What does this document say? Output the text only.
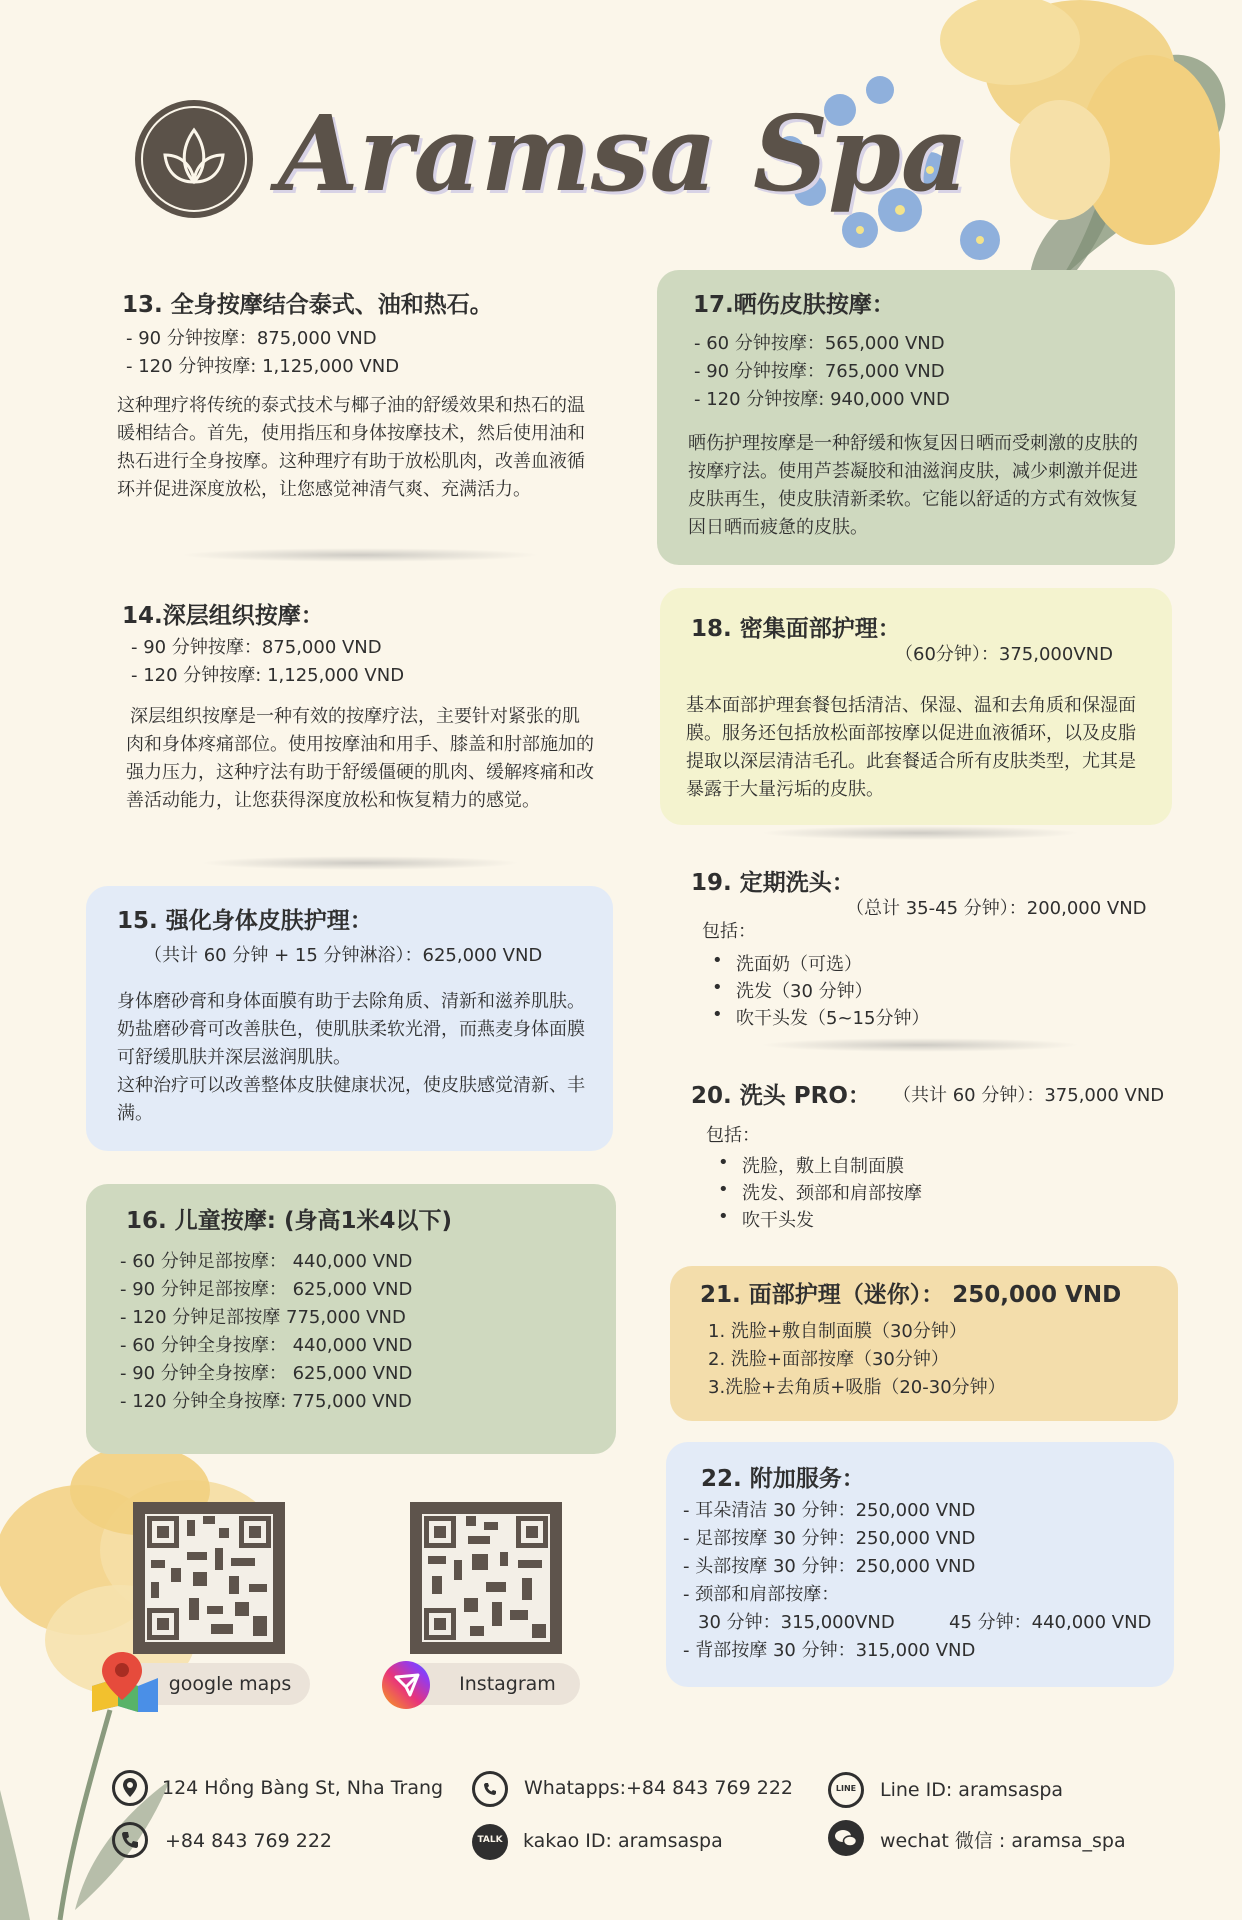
Aramsa Spa
13. 全身按摩结合泰式、油和热石。
- 90 分钟按摩：875,000 VND
- 120 分钟按摩: 1,125,000 VND
这种理疗将传统的泰式技术与椰子油的舒缓效果和热石的温暖相结合。首先，使用指压和身体按摩技术，然后使用油和热石进行全身按摩。这种理疗有助于放松肌肉，改善血液循环并促进深度放松，让您感觉神清气爽、充满活力。
14.深层组织按摩：
- 90 分钟按摩：875,000 VND
- 120 分钟按摩: 1,125,000 VND
深层组织按摩是一种有效的按摩疗法，主要针对紧张的肌肉和身体疼痛部位。使用按摩油和用手、膝盖和肘部施加的强力压力，这种疗法有助于舒缓僵硬的肌肉、缓解疼痛和改善活动能力，让您获得深度放松和恢复精力的感觉。
15. 强化身体皮肤护理：
（共计 60 分钟 + 15 分钟淋浴）：625,000 VND
身体磨砂膏和身体面膜有助于去除角质、清新和滋养肌肤。奶盐磨砂膏可改善肤色，使肌肤柔软光滑，而燕麦身体面膜可舒缓肌肤并深层滋润肌肤。
这种治疗可以改善整体皮肤健康状况，使皮肤感觉清新、丰满。
16. 儿童按摩: (身高1米4以下)
- 60 分钟足部按摩： 440,000 VND
- 90 分钟足部按摩： 625,000 VND
- 120 分钟足部按摩 775,000 VND
- 60 分钟全身按摩： 440,000 VND
- 90 分钟全身按摩： 625,000 VND
- 120 分钟全身按摩: 775,000 VND
17.晒伤皮肤按摩：
- 60 分钟按摩：565,000 VND
- 90 分钟按摩：765,000 VND
- 120 分钟按摩: 940,000 VND
晒伤护理按摩是一种舒缓和恢复因日晒而受刺激的皮肤的按摩疗法。使用芦荟凝胶和油滋润皮肤，减少刺激并促进皮肤再生，使皮肤清新柔软。它能以舒适的方式有效恢复因日晒而疲惫的皮肤。
18. 密集面部护理：
（60分钟）：375,000VND
基本面部护理套餐包括清洁、保湿、温和去角质和保湿面膜。服务还包括放松面部按摩以促进血液循环，以及皮脂提取以深层清洁毛孔。此套餐适合所有皮肤类型，尤其是暴露于大量污垢的皮肤。
19. 定期洗头：
（总计 35-45 分钟）：200,000 VND
包括：
• 洗面奶（可选）
• 洗发（30 分钟）
• 吹干头发（5~15分钟）
20. 洗头 PRO： （共计 60 分钟）：375,000 VND
包括：
• 洗脸，敷上自制面膜
• 洗发、颈部和肩部按摩
• 吹干头发
21. 面部护理（迷你）： 250,000 VND
1. 洗脸+敷自制面膜（30分钟）
2. 洗脸+面部按摩（30分钟）
3.洗脸+去角质+吸脂（20-30分钟）
22. 附加服务：
- 耳朵清洁 30 分钟：250,000 VND
- 足部按摩 30 分钟：250,000 VND
- 头部按摩 30 分钟：250,000 VND
- 颈部和肩部按摩：
30 分钟：315,000VND	45 分钟：440,000 VND
- 背部按摩 30 分钟：315,000 VND
google maps	Instagram
124 Hồng Bàng St, Nha Trang
+84 843 769 222
Whatapps:+84 843 769 222
TALK kakao ID: aramsaspa
LINE Line ID: aramsaspa
wechat 微信 : aramsa_spa
